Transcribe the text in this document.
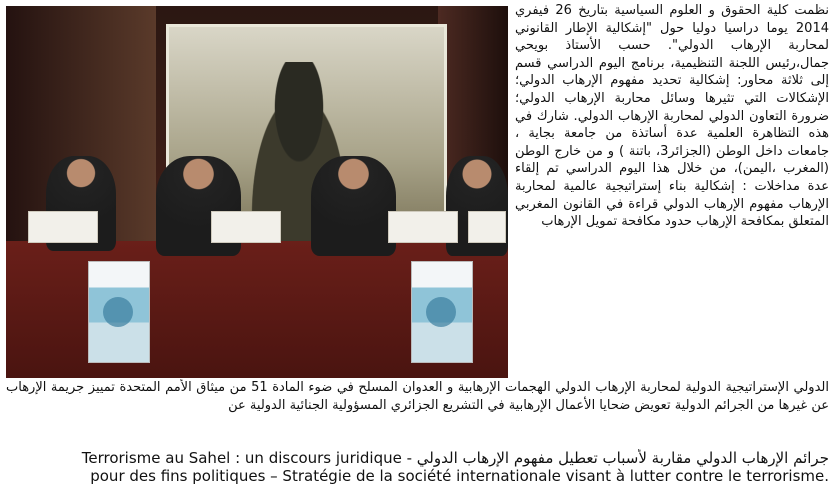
نظمت كلية الحقوق و العلوم السياسية بتاريخ 26 فيفري 2014 يوما دراسيا دوليا حول "إشكالية الإطار القانوني لمحاربة الإرهاب الدولي". حسب الأستاذ بويحي جمال،رئيس اللجنة التنظيمية، برنامج اليوم الدراسي قسم إلى ثلاثة محاور: إشكالية تحديد مفهوم الإرهاب الدولي؛ الإشكالات التي تثيرها وسائل محاربة الإرهاب الدولي؛ ضرورة التعاون الدولي لمحاربة الإرهاب الدولي. شارك في هذه التظاهرة العلمية عدة أساتذة من جامعة بجاية ، جامعات داخل الوطن (الجزائر3، باتنة ) و من خارج الوطن (المغرب ،اليمن)، من خلال هذا اليوم الدراسي تم إلقاء عدة مداخلات : إشكالية بناء إستراتيجية عالمية لمحاربة الإرهاب مفهوم الإرهاب الدولي قراءة في القانون المغربي المتعلق بمكافحة الإرهاب حدود مكافحة تمويل الإرهاب

الدولي الإستراتيجية الدولية لمحاربة الإرهاب الدولي الهجمات الإرهابية و العدوان المسلح في ضوء المادة 51 من ميثاق الأمم المتحدة تمييز جريمة الإرهاب عن غيرها من الجرائم الدولية تعويض ضحايا الأعمال الإرهابية في التشريع الجزائري المسؤولية الجنائية الدولية عن

جرائم الإرهاب الدولي مقاربة لأسباب تعطيل مفهوم الإرهاب الدولي - Terrorisme au Sahel : un discours juridique
pour des fins politiques – Stratégie de la société internationale visant à lutter contre le terrorisme.
